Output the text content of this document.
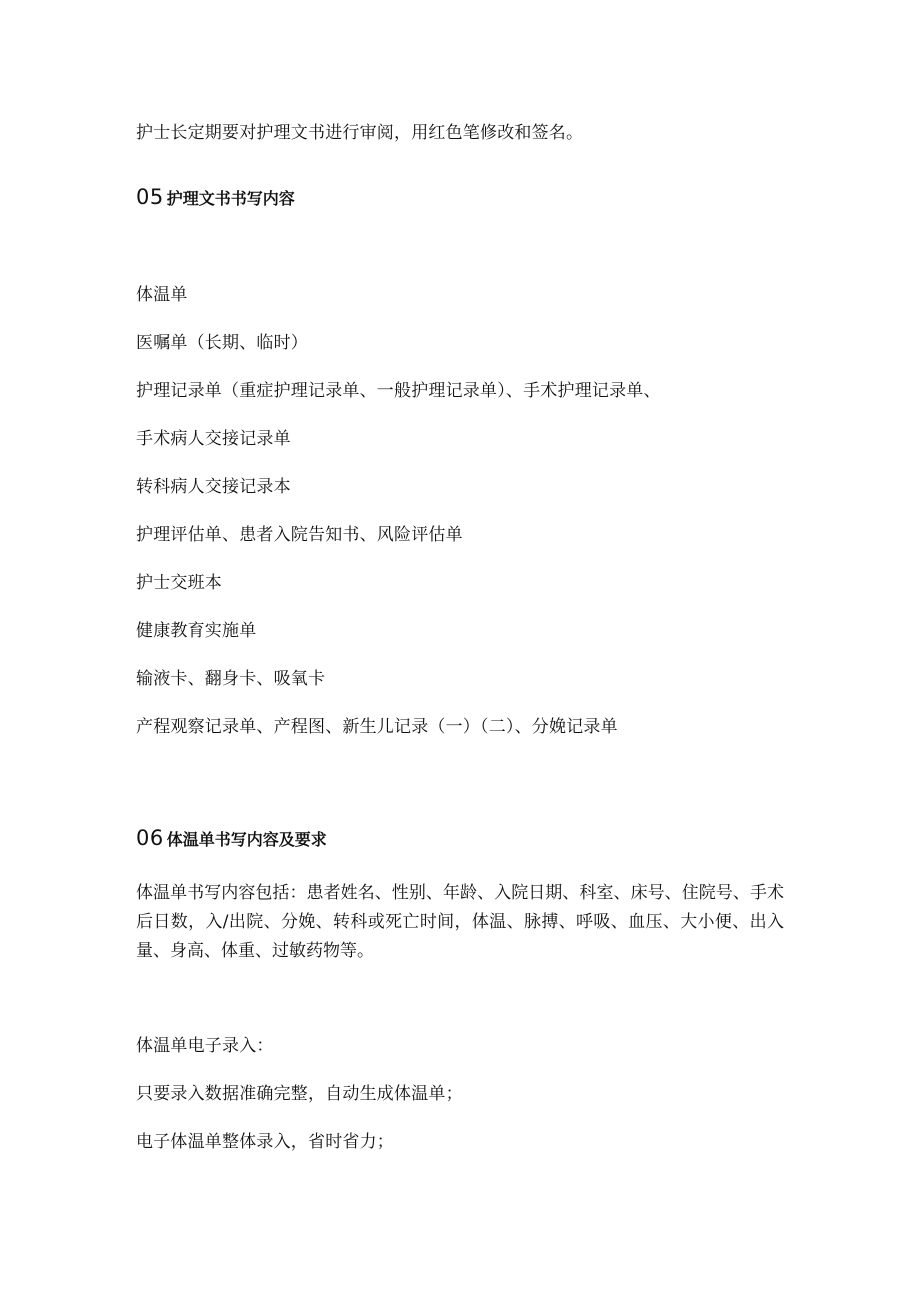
护士长定期要对护理文书进行审阅，用红色笔修改和签名。
05 护理文书书写内容
体温单
医嘱单（长期、临时）
护理记录单（重症护理记录单、一般护理记录单）、手术护理记录单、
手术病人交接记录单
转科病人交接记录本
护理评估单、患者入院告知书、风险评估单
护士交班本
健康教育实施单
输液卡、翻身卡、吸氧卡
产程观察记录单、产程图、新生儿记录（一）（二）、分娩记录单
06 体温单书写内容及要求
体温单书写内容包括：患者姓名、性别、年龄、入院日期、科室、床号、住院号、手术后日数，入/出院、分娩、转科或死亡时间，体温、脉搏、呼吸、血压、大小便、出入量、身高、体重、过敏药物等。
体温单电子录入：
只要录入数据准确完整，自动生成体温单；
电子体温单整体录入，省时省力；
